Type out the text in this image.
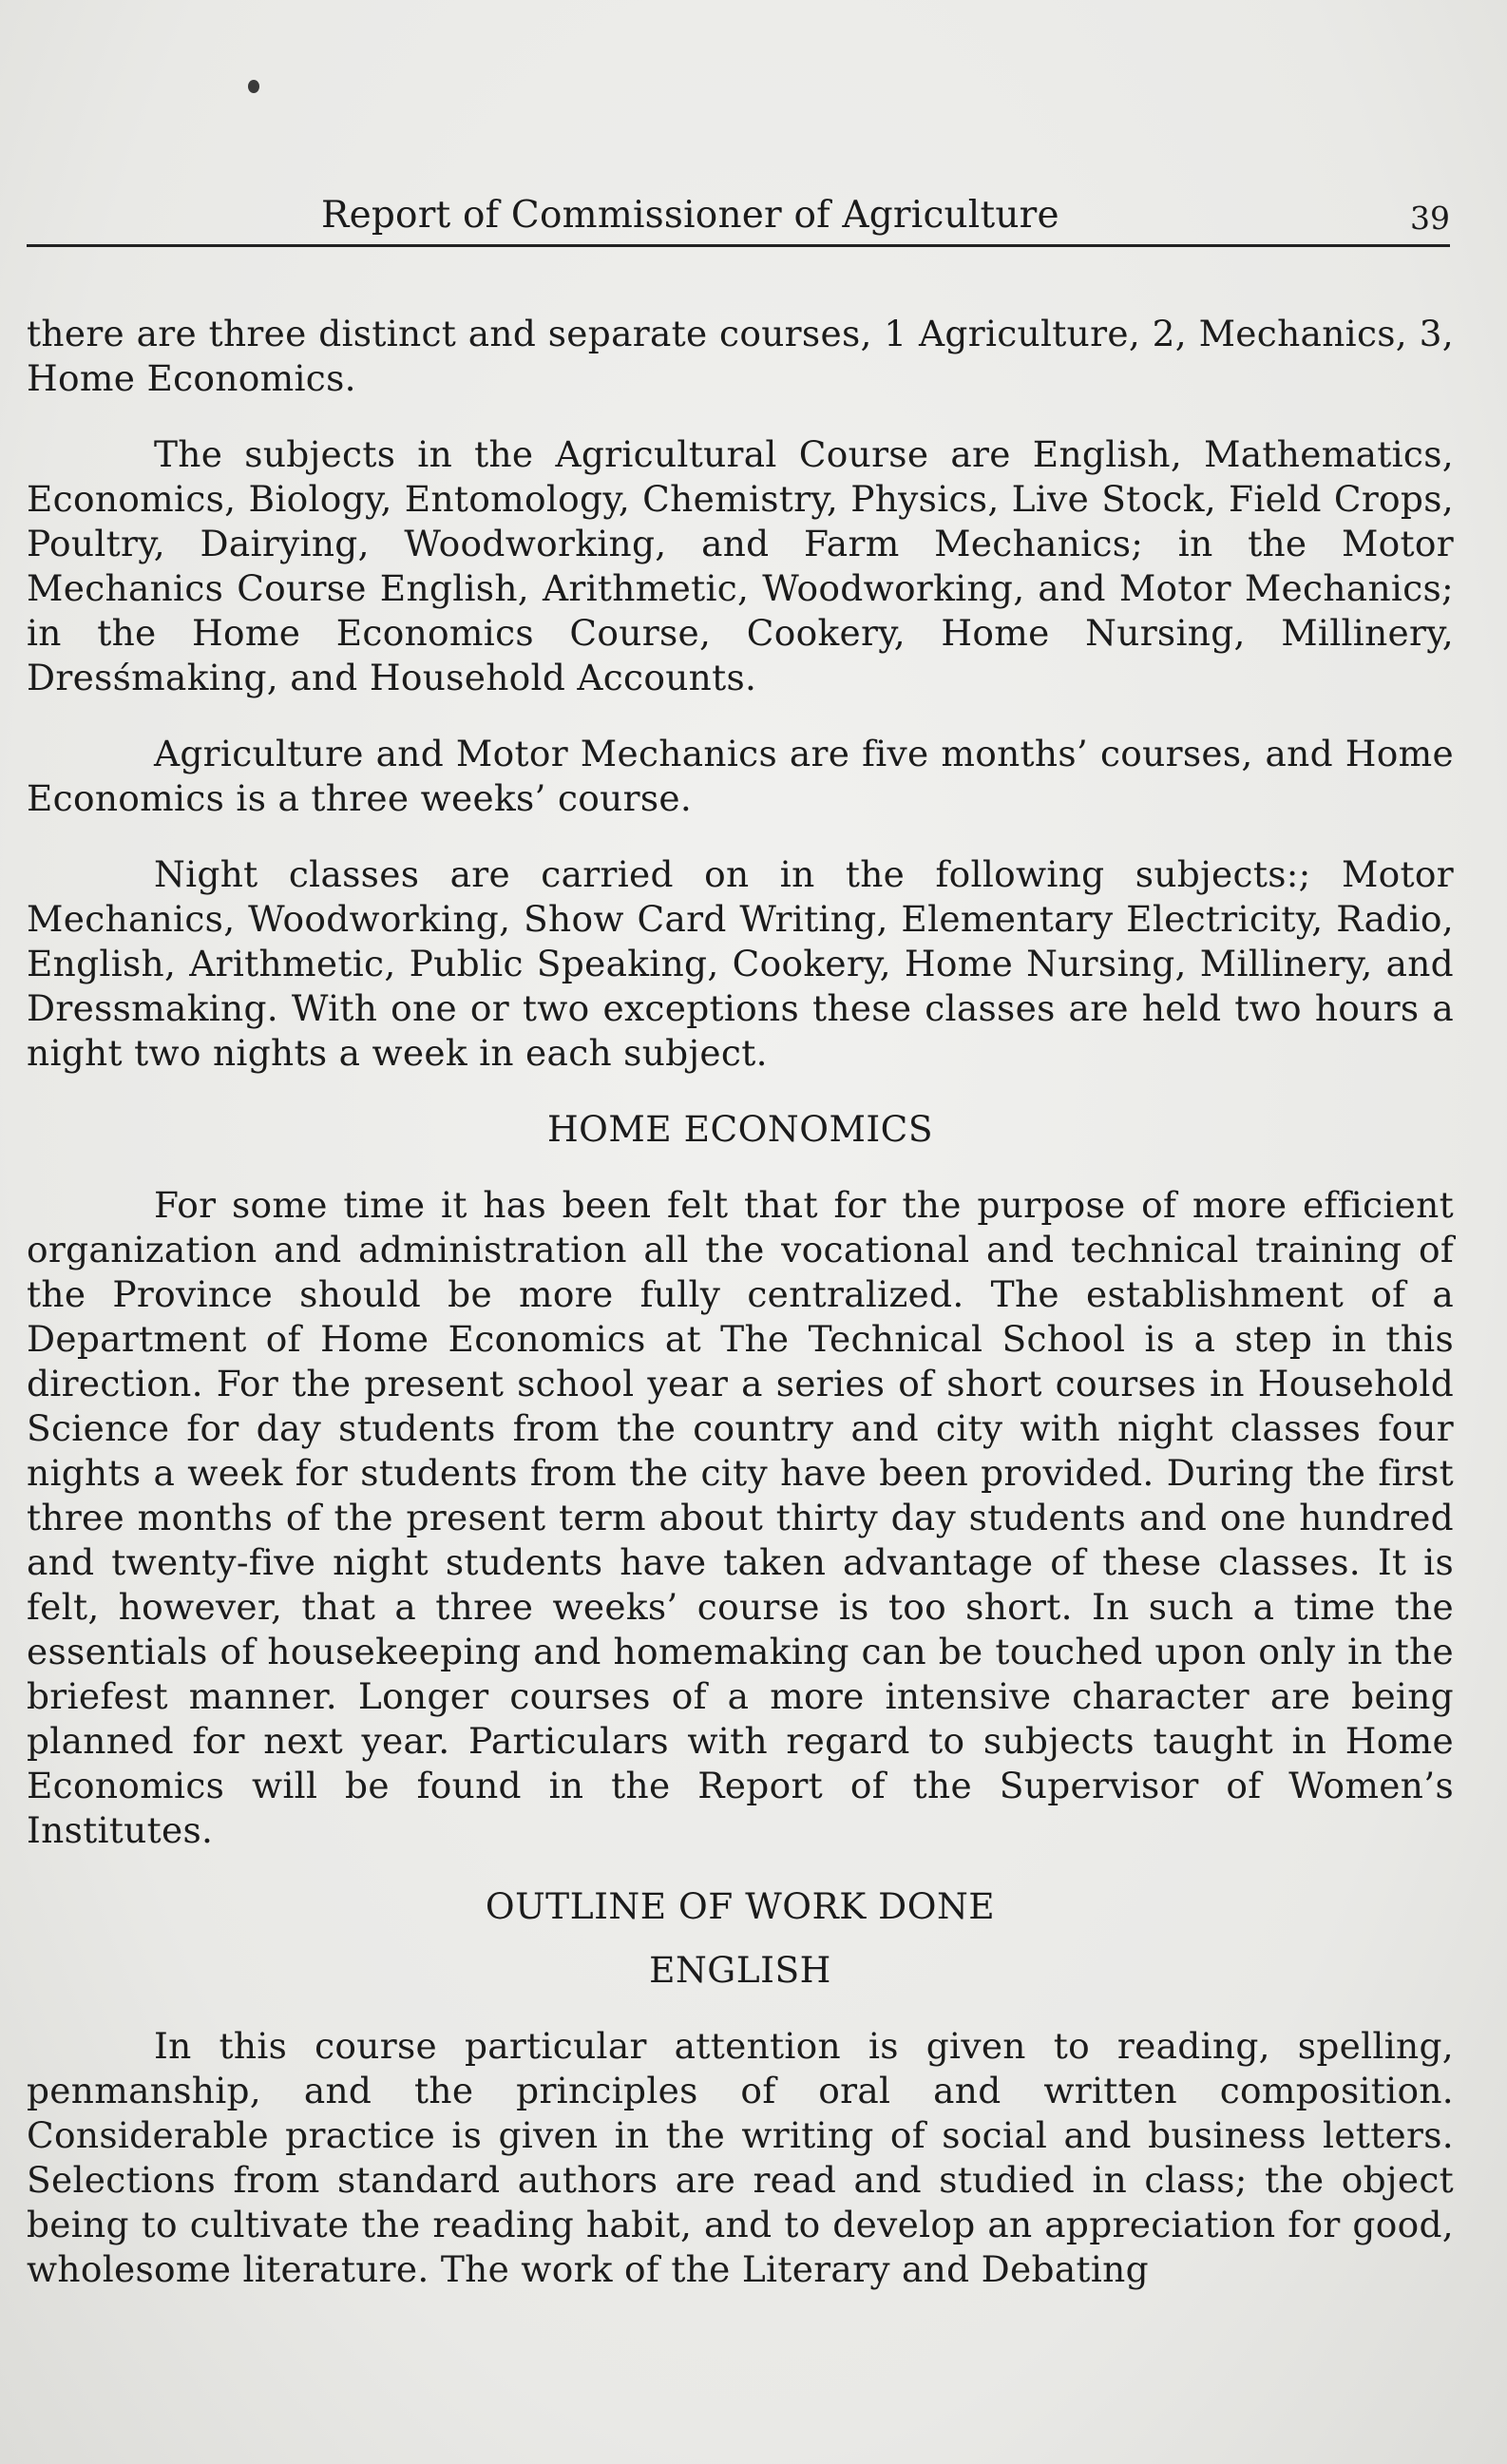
Report of Commissioner of Agriculture	39

there are three distinct and separate courses, 1 Agriculture, 2, Mechanics, 3, Home Economics.

The subjects in the Agricultural Course are English, Mathematics, Economics, Biology, Entomology, Chemistry, Physics, Live Stock, Field Crops, Poultry, Dairying, Woodworking, and Farm Mechanics; in the Motor Mechanics Course English, Arithmetic, Woodworking, and Motor Mechanics; in the Home Economics Course, Cookery, Home Nursing, Millinery, Dresśmaking, and Household Accounts.

Agriculture and Motor Mechanics are five months’ courses, and Home Economics is a three weeks’ course.

Night classes are carried on in the following subjects:; Motor Mechanics, Woodworking, Show Card Writing, Elementary Electricity, Radio, English, Arithmetic, Public Speaking, Cookery, Home Nursing, Millinery, and Dressmaking. With one or two exceptions these classes are held two hours a night two nights a week in each subject.

HOME ECONOMICS

For some time it has been felt that for the purpose of more efficient organization and administration all the vocational and technical training of the Province should be more fully centralized. The establishment of a Department of Home Economics at The Technical School is a step in this direction. For the present school year a series of short courses in Household Science for day students from the country and city with night classes four nights a week for students from the city have been provided. During the first three months of the present term about thirty day students and one hundred and twenty-five night students have taken advantage of these classes. It is felt, however, that a three weeks’ course is too short. In such a time the essentials of housekeeping and homemaking can be touched upon only in the briefest manner. Longer courses of a more intensive character are being planned for next year. Particulars with regard to subjects taught in Home Economics will be found in the Report of the Supervisor of Women’s Institutes.

OUTLINE OF WORK DONE
ENGLISH

In this course particular attention is given to reading, spelling, penmanship, and the principles of oral and written composition. Considerable practice is given in the writing of social and business letters. Selections from standard authors are read and studied in class; the object being to cultivate the reading habit, and to develop an appreciation for good, wholesome literature. The work of the Literary and Debating
